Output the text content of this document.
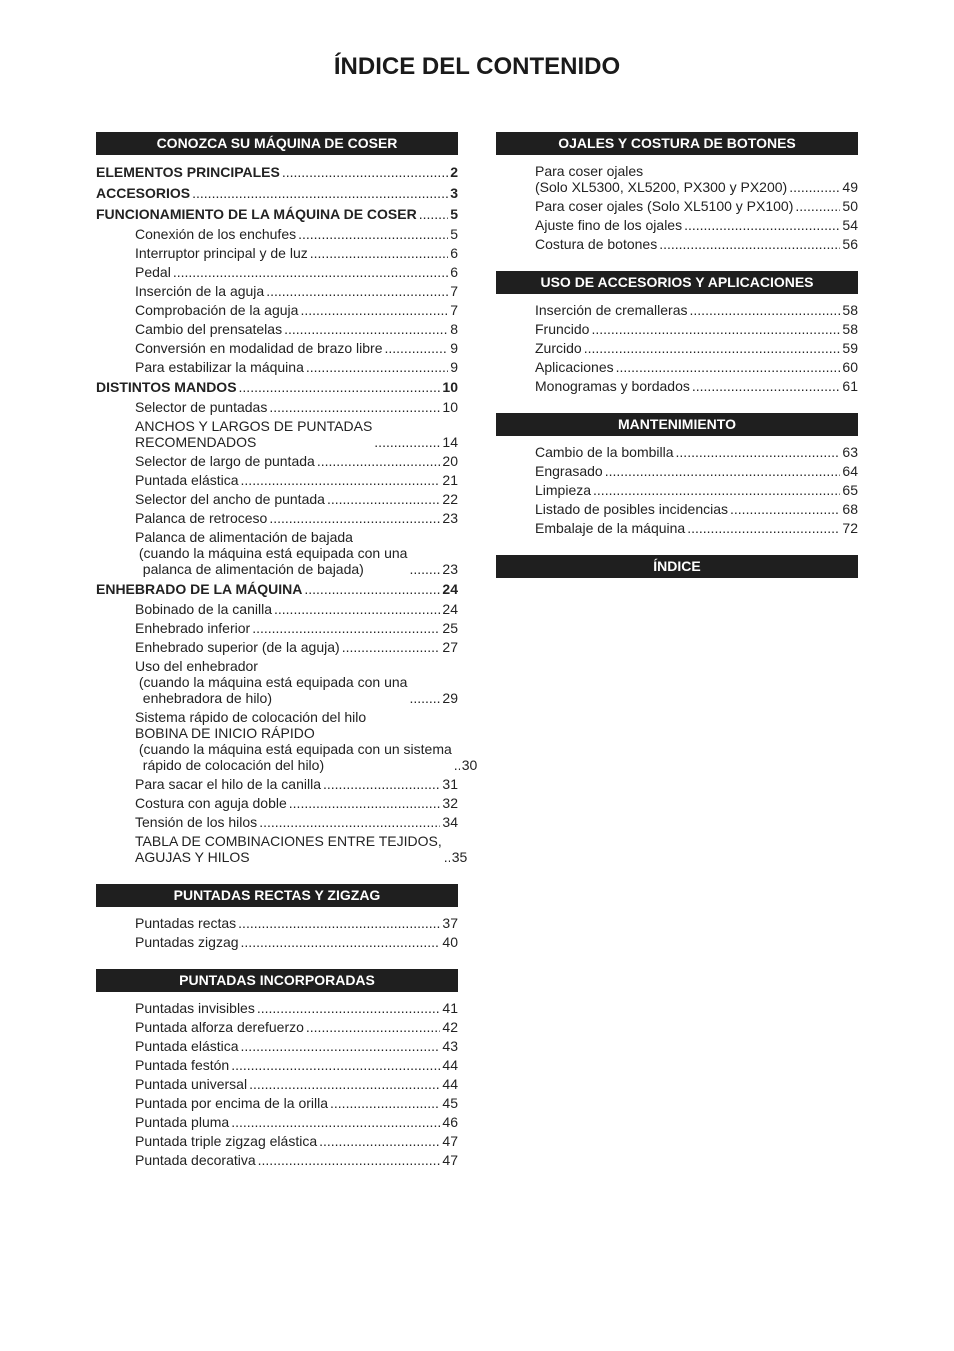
ÍNDICE DEL CONTENIDO
CONOZCA SU MÁQUINA DE COSER
ELEMENTOS PRINCIPALES .....	2
ACCESORIOS .....	3
FUNCIONAMIENTO DE LA MÁQUINA DE COSER ..... 5
Conexión de los enchufes .....	5
Interruptor principal y de luz .....	6
Pedal .....	6
Inserción de la aguja .....	7
Comprobación de la aguja .....	7
Cambio del prensatelas .....	8
Conversión en modalidad de brazo libre .....	9
Para estabilizar la máquina .....	9
DISTINTOS MANDOS .....	10
Selector de puntadas .....	10
ANCHOS Y LARGOS DE PUNTADAS
RECOMENDADOS .....	14
Selector de largo de puntada .....	20
Puntada elástica .....	21
Selector del ancho de puntada .....	22
Palanca de retroceso .....	23
Palanca de alimentación de bajada
(cuando la máquina está equipada con una
palanca de alimentación de bajada) .....	23
ENHEBRADO DE LA MÁQUINA .....	24
Bobinado de la canilla .....	24
Enhebrado inferior .....	25
Enhebrado superior (de la aguja) .....	27
Uso del enhebrador
(cuando la máquina está equipada con una
enhebradora de hilo) .....	29
Sistema rápido de colocación del hilo
BOBINA DE INICIO RÁPIDO
(cuando la máquina está equipada con un sistema
rápido de colocación del hilo) .....	30
Para sacar el hilo de la canilla .....	31
Costura con aguja doble .....	32
Tensión de los hilos .....	34
TABLA DE COMBINACIONES ENTRE TEJIDOS,
AGUJAS Y HILOS .....	35
PUNTADAS RECTAS Y ZIGZAG
Puntadas rectas .....	37
Puntadas zigzag .....	40
PUNTADAS INCORPORADAS
Puntadas invisibles .....	41
Puntada alforza derefuerzo .....	42
Puntada elástica .....	43
Puntada festón .....	44
Puntada universal .....	44
Puntada por encima de la orilla .....	45
Puntada pluma .....	46
Puntada triple zigzag elástica .....	47
Puntada decorativa .....	47
OJALES Y COSTURA DE BOTONES
Para coser ojales
(Solo XL5300, XL5200, PX300 y PX200) .....	49
Para coser ojales (Solo XL5100 y PX100) .....	50
Ajuste fino de los ojales .....	54
Costura de botones .....	56
USO DE ACCESORIOS Y APLICACIONES
Inserción de cremalleras .....	58
Fruncido .....	58
Zurcido .....	59
Aplicaciones .....	60
Monogramas y bordados .....	61
MANTENIMIENTO
Cambio de la bombilla .....	63
Engrasado .....	64
Limpieza .....	65
Listado de posibles incidencias .....	68
Embalaje de la máquina .....	72
ÍNDICE
